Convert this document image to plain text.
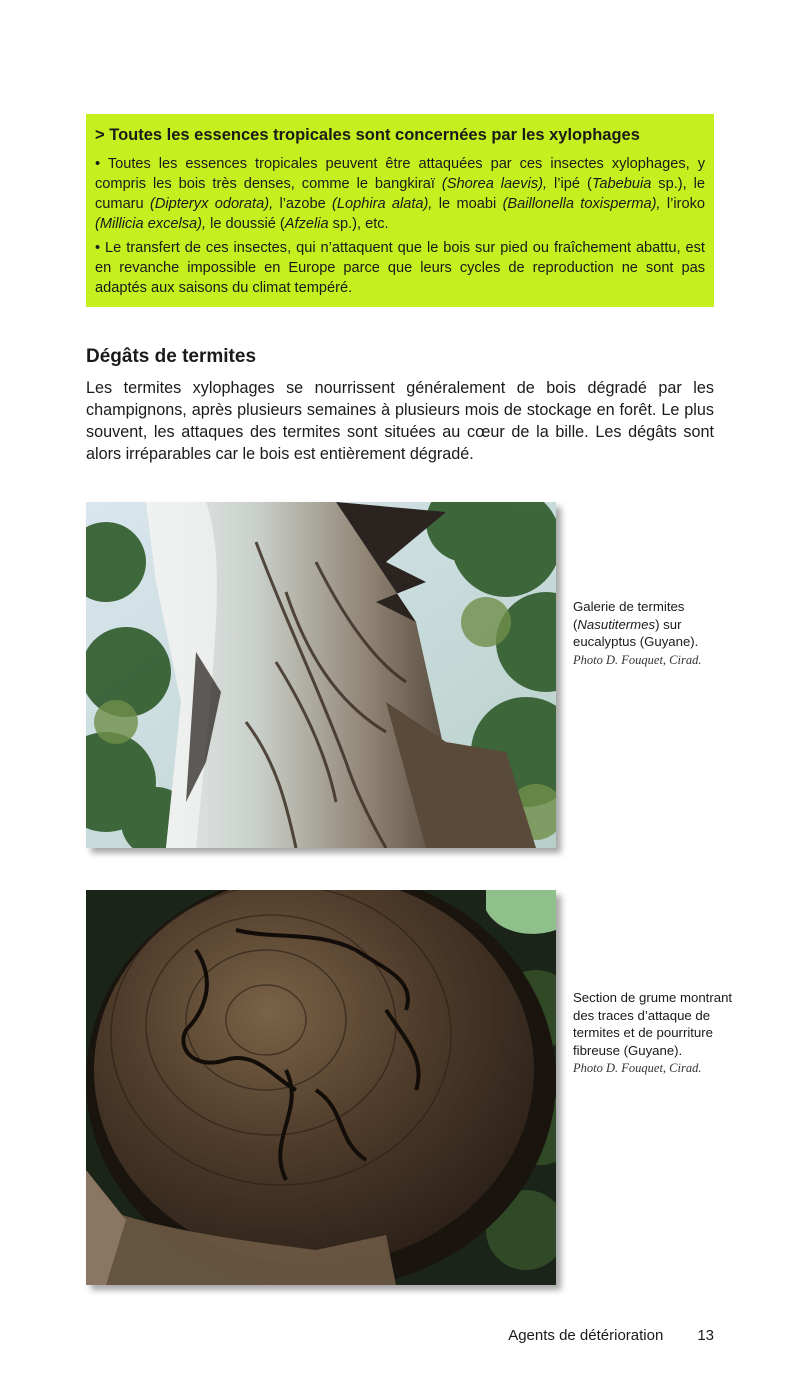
> Toutes les essences tropicales sont concernées par les xylophages

• Toutes les essences tropicales peuvent être attaquées par ces insectes xylophages, y compris les bois très denses, comme le bangkiraï (Shorea laevis), l’ipé (Tabebuia sp.), le cumaru (Dipteryx odorata), l’azobe (Lophira alata), le moabi (Baillonella toxisperma), l’iroko (Millicia excelsa), le doussié (Afzelia sp.), etc.

• Le transfert de ces insectes, qui n’attaquent que le bois sur pied ou fraîchement abattu, est en revanche impossible en Europe parce que leurs cycles de reproduction ne sont pas adaptés aux saisons du climat tempéré.

Dégâts de termites

Les termites xylophages se nourrissent généralement de bois dégradé par les champignons, après plusieurs semaines à plusieurs mois de stockage en forêt. Le plus souvent, les attaques des termites sont situées au cœur de la bille. Les dégâts sont alors irréparables car le bois est entièrement dégradé.

Galerie de termites (Nasutitermes) sur eucalyptus (Guyane).
Photo D. Fouquet, Cirad.
Section de grume montrant des traces d’attaque de termites et de pourriture fibreuse (Guyane).
Photo D. Fouquet, Cirad.
Agents de détérioration 13
